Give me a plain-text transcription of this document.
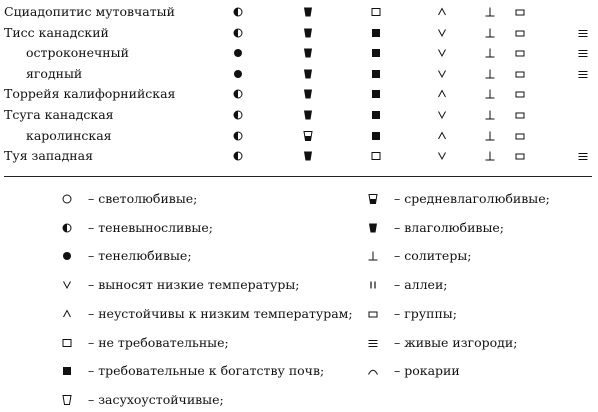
Сциадопитис мутовчатый
Тисс канадский
остроконечный
ягодный
Торрейя калифорнийская
Тсуга канадская
каролинская
Туя западная
– светолюбивые;
– теневыносливые;
– тенелюбивые;
– выносят низкие температуры;
– неустойчивы к низким температурам;
– не требовательные;
– требовательные к богатству почв;
– засухоустойчивые;
– средневлаголюбивые;
– влаголюбивые;
– солитеры;
– аллеи;
– группы;
– живые изгороди;
– рокарии
